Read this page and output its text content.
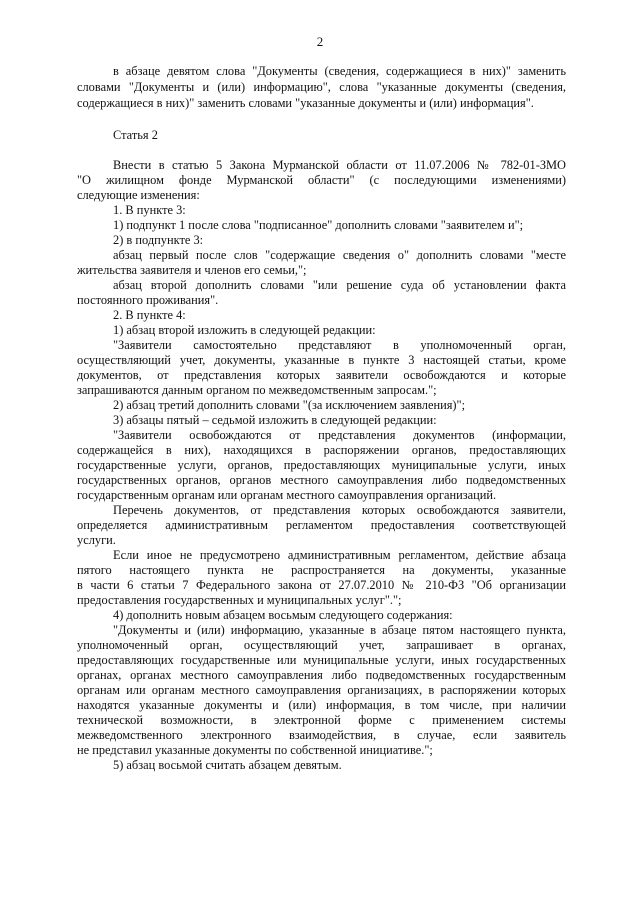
2
в абзаце девятом слова "Документы (сведения, содержащиеся в них)" заменить
словами "Документы и (или) информацию", слова "указанные документы (сведения,
содержащиеся в них)" заменить словами "указанные документы и (или) информация".
Статья 2
Внести в статью 5 Закона Мурманской области от 11.07.2006 № 782-01-ЗМО
"О жилищном фонде Мурманской области" (с последующими изменениями)
следующие изменения:
1. В пункте 3:
1) подпункт 1 после слова "подписанное" дополнить словами "заявителем и";
2) в подпункте 3:
абзац первый после слов "содержащие сведения о" дополнить словами "месте
жительства заявителя и членов его семьи,";
абзац второй дополнить словами "или решение суда об установлении факта
постоянного проживания".
2. В пункте 4:
1) абзац второй изложить в следующей редакции:
"Заявители самостоятельно представляют в уполномоченный орган,
осуществляющий учет, документы, указанные в пункте 3 настоящей статьи, кроме
документов, от представления которых заявители освобождаются и которые
запрашиваются данным органом по межведомственным запросам.";
2) абзац третий дополнить словами "(за исключением заявления)";
3) абзацы пятый – седьмой изложить в следующей редакции:
"Заявители освобождаются от представления документов (информации,
содержащейся в них), находящихся в распоряжении органов, предоставляющих
государственные услуги, органов, предоставляющих муниципальные услуги, иных
государственных органов, органов местного самоуправления либо подведомственных
государственным органам или органам местного самоуправления организаций.
Перечень документов, от представления которых освобождаются заявители,
определяется административным регламентом предоставления соответствующей
услуги.
Если иное не предусмотрено административным регламентом, действие абзаца
пятого настоящего пункта не распространяется на документы, указанные
в части 6 статьи 7 Федерального закона от 27.07.2010 № 210-ФЗ "Об организации
предоставления государственных и муниципальных услуг".";
4) дополнить новым абзацем восьмым следующего содержания:
"Документы и (или) информацию, указанные в абзаце пятом настоящего пункта,
уполномоченный орган, осуществляющий учет, запрашивает в органах,
предоставляющих государственные или муниципальные услуги, иных государственных
органах, органах местного самоуправления либо подведомственных государственным
органам или органам местного самоуправления организациях, в распоряжении которых
находятся указанные документы и (или) информация, в том числе, при наличии
технической возможности, в электронной форме с применением системы
межведомственного электронного взаимодействия, в случае, если заявитель
не представил указанные документы по собственной инициативе.";
5) абзац восьмой считать абзацем девятым.
